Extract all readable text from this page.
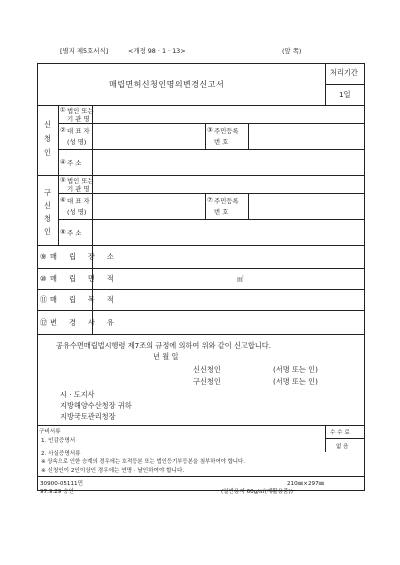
[별지 제5호서식]	<개정 98 · 1 · 13>	(앞 쪽)
매립면허신청인명의변경신고서
처리기간
1일
신청인
① 법인 또는
기 관 명
② 대 표 자
(성 명)
③ 주민등록
번 호
④ 주 소
구신청인
⑤ 법인 또는
기 관 명
⑥ 대 표 자
(성 명)
⑦ 주민등록
번 호
⑧ 주 소
⑨ 매립장소
⑩ 매립면적	㎡
⑪ 매립목적
⑫ 변경사유
공유수면매립법시행령 제7조의 규정에 의하여 위와 같이 신고합니다.
년 월 일
신신청인	(서명 또는 인)
구신청인	(서명 또는 인)
시 · 도지사
지방해양수산청장 귀하
지방국토관리청장
구비서류
1. 인감증명서
2. 사실증명서류
※ 상속으로 인한 승계의 경우에는 호적등본 또는 법인등기부등본을 첨부하여야 합니다.
※ 신청인이 2인이상인 경우에는 연명 · 날인하여야 합니다.
수 수 료
없 음
30900-05111민
97.9.29 승인
210㎜×297㎜
(일반용지 60g/㎡(재활용품))
